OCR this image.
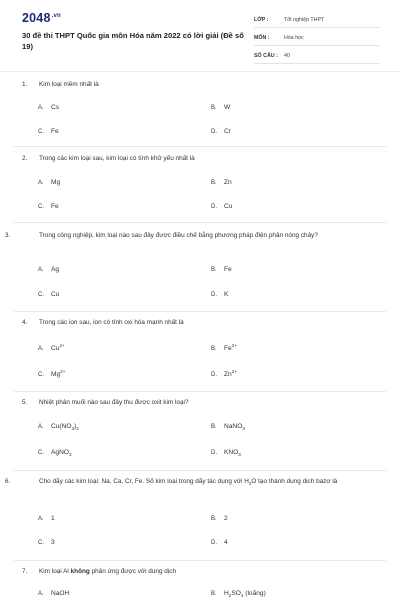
$2048^{.vn}$
30 đề thi THPT Quốc gia môn Hóa năm 2022 có lời giải (Đề số 19)
LỚP :	Tốt nghiệp THPT
MÔN :	Hóa học
SỐ CÂU : 40
1. Kim loại mềm nhất là
A. Cs	B. W
C. Fe	D. Cr
2. Trong các kim loại sau, kim loại có tính khử yếu nhất là
A. Mg	B. Zn
C. Fe	D. Cu
3.	Trong công nghiệp, kim loại nào sau đây được điều chế bằng phương pháp điện phân nóng chảy?
A. Ag	B. Fe
C. Cu	D. K
4. Trong các ion sau, ion có tính oxi hóa mạnh nhất là
A. $Cu^{2+}$
B. $Fe^{2+}$
C. $Mg^{2+}$
D. $Zn^{2+}$
5. Nhiệt phân muối nào sau đây thu được oxit kim loại?
A. $Cu(NO_3)_2$	B. NaNO$_3$
C. AgNO$_3$	D. $KNO_3$
6.	Cho dãy các kim loại: Na, Ca, Cr, Fe. Số kim loại trong dãy tác dụng với $H_2O$ tạo thành dung dịch bazơ là
A. 1	B. 2
C. 3	D. 4
7. Kim loại Al không phản ứng được với dung dịch
A. NaOH	B. $H_2SO_4$ (loãng)
